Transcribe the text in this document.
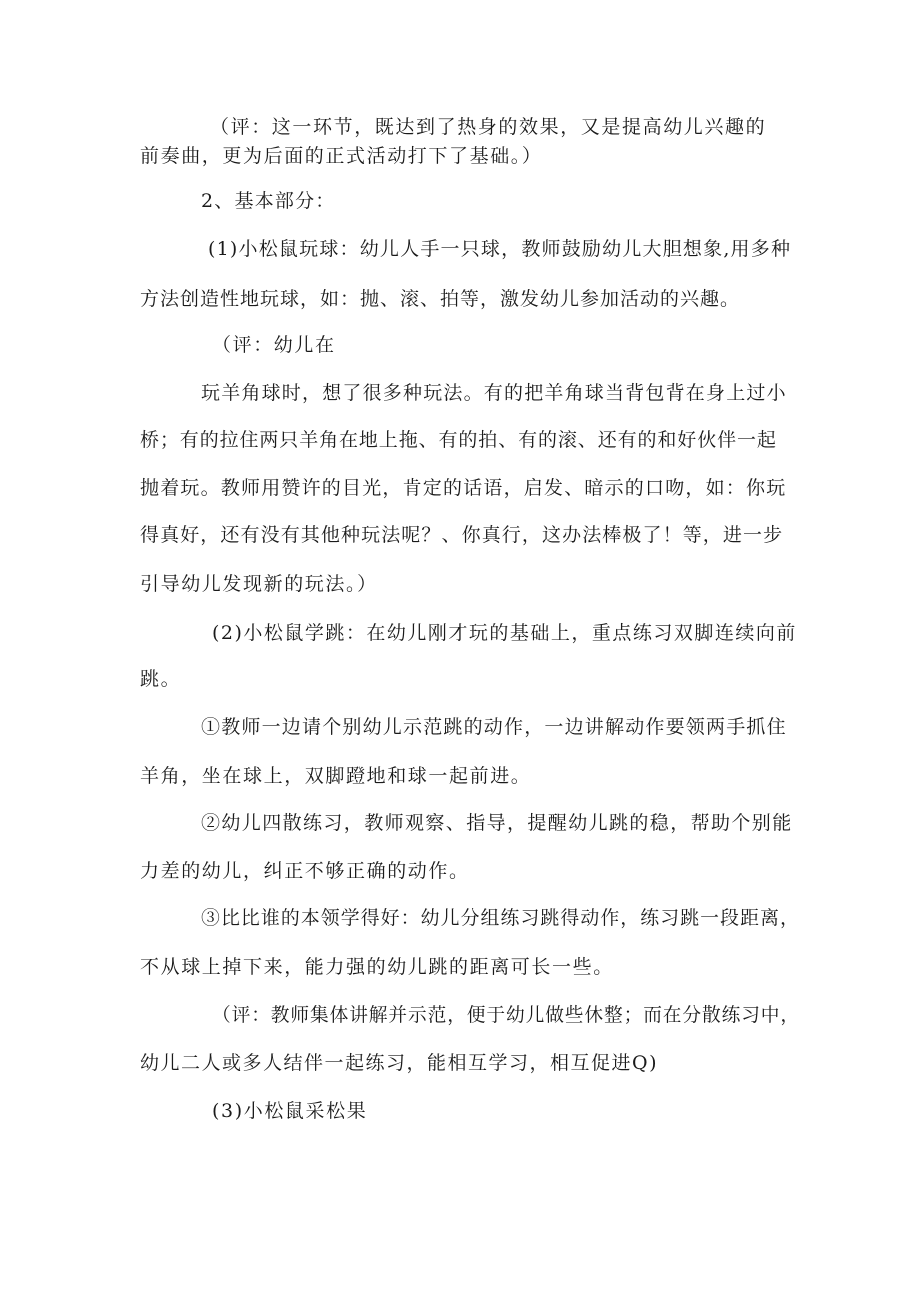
（评：这一环节，既达到了热身的效果，又是提高幼儿兴趣的
前奏曲，更为后面的正式活动打下了基础。）
2、基本部分：
(1)小松鼠玩球：幼儿人手一只球，教师鼓励幼儿大胆想象,用多种
方法创造性地玩球，如：抛、滚、拍等，激发幼儿参加活动的兴趣。
（评：幼儿在
玩羊角球时，想了很多种玩法。有的把羊角球当背包背在身上过小
桥；有的拉住两只羊角在地上拖、有的拍、有的滚、还有的和好伙伴一起
抛着玩。教师用赞许的目光，肯定的话语，启发、暗示的口吻，如：你玩
得真好，还有没有其他种玩法呢？、你真行，这办法棒极了！等，进一步
引导幼儿发现新的玩法。）
(2)小松鼠学跳：在幼儿刚才玩的基础上，重点练习双脚连续向前
跳。
①教师一边请个别幼儿示范跳的动作，一边讲解动作要领两手抓住
羊角，坐在球上，双脚蹬地和球一起前进。
②幼儿四散练习，教师观察、指导，提醒幼儿跳的稳，帮助个别能
力差的幼儿，纠正不够正确的动作。
③比比谁的本领学得好：幼儿分组练习跳得动作，练习跳一段距离，
不从球上掉下来，能力强的幼儿跳的距离可长一些。
（评：教师集体讲解并示范，便于幼儿做些休整；而在分散练习中，
幼儿二人或多人结伴一起练习，能相互学习，相互促进Q)
(3)小松鼠采松果
